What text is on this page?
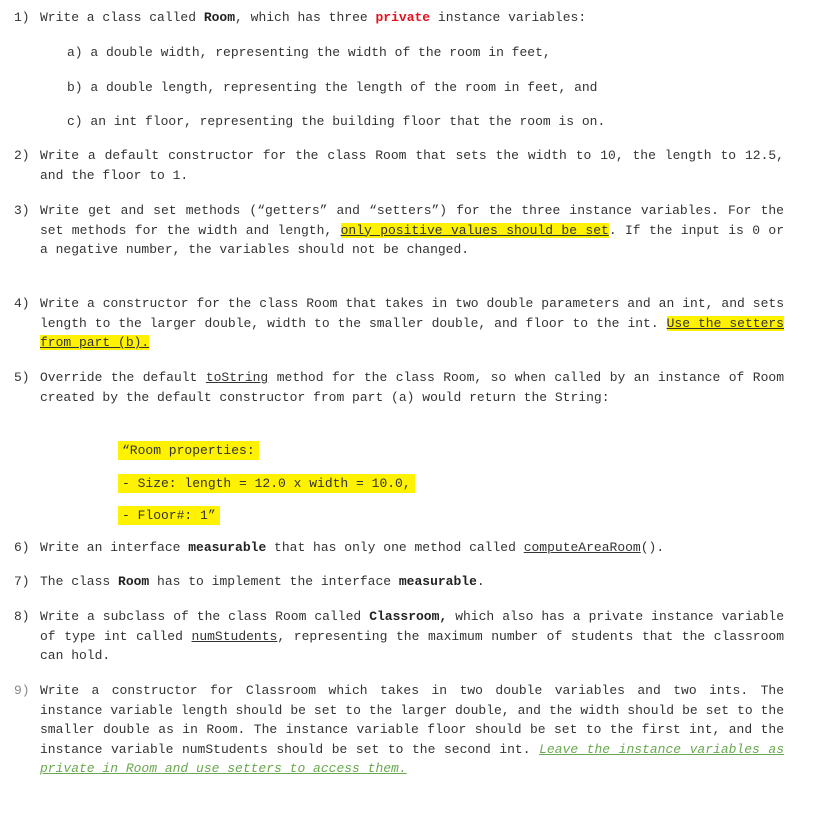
1) Write a class called Room, which has three private instance variables:
a) a double width, representing the width of the room in feet,
b) a double length, representing the length of the room in feet, and
c) an int floor, representing the building floor that the room is on.
2) Write a default constructor for the class Room that sets the width to 10, the length to 12.5, and the floor to 1.
3) Write get and set methods (“getters” and “setters”) for the three instance variables. For the set methods for the width and length, only positive values should be set. If the input is 0 or a negative number, the variables should not be changed.
4) Write a constructor for the class Room that takes in two double parameters and an int, and sets length to the larger double, width to the smaller double, and floor to the int. Use the setters from part (b).
5) Override the default toString method for the class Room, so when called by an instance of Room created by the default constructor from part (a) would return the String:
“Room properties:
- Size: length = 12.0 x width = 10.0,
- Floor#: 1”
6) Write an interface measurable that has only one method called computeAreaRoom().
7) The class Room has to implement the interface measurable.
8) Write a subclass of the class Room called Classroom, which also has a private instance variable of type int called numStudents, representing the maximum number of students that the classroom can hold.
9) Write a constructor for Classroom which takes in two double variables and two ints. The instance variable length should be set to the larger double, and the width should be set to the smaller double as in Room. The instance variable floor should be set to the first int, and the instance variable numStudents should be set to the second int. Leave the instance variables as private in Room and use setters to access them.
